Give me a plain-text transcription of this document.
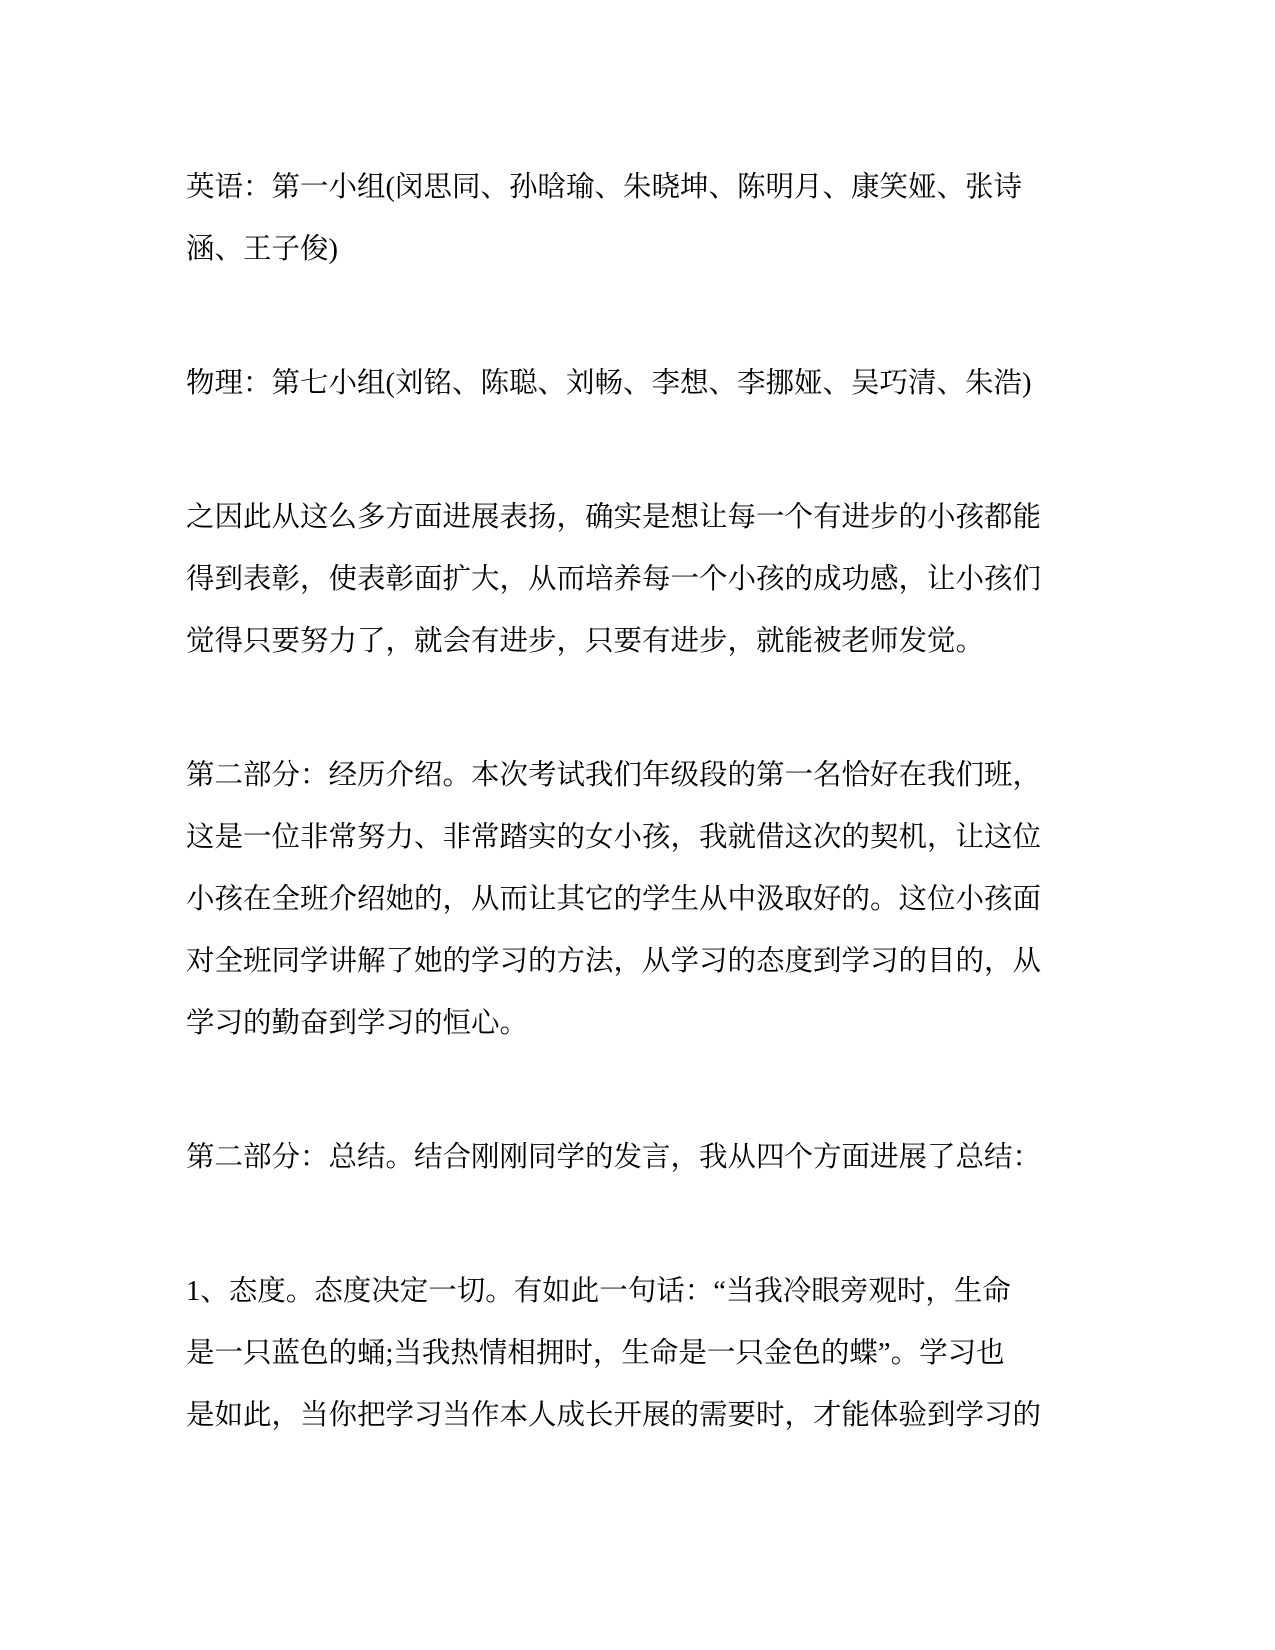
英语：第一小组(闵思同、孙晗瑜、朱晓坤、陈明月、康笑娅、张诗
涵、王子俊)

物理：第七小组(刘铭、陈聪、刘畅、李想、李挪娅、吴巧清、朱浩)

之因此从这么多方面进展表扬，确实是想让每一个有进步的小孩都能
得到表彰，使表彰面扩大，从而培养每一个小孩的成功感，让小孩们
觉得只要努力了，就会有进步，只要有进步，就能被老师发觉。

第二部分：经历介绍。本次考试我们年级段的第一名恰好在我们班，
这是一位非常努力、非常踏实的女小孩，我就借这次的契机，让这位
小孩在全班介绍她的，从而让其它的学生从中汲取好的。这位小孩面
对全班同学讲解了她的学习的方法，从学习的态度到学习的目的，从
学习的勤奋到学习的恒心。

第二部分：总结。结合刚刚同学的发言，我从四个方面进展了总结：

1、态度。态度决定一切。有如此一句话：“当我冷眼旁观时，生命
是一只蓝色的蛹;当我热情相拥时，生命是一只金色的蝶”。学习也
是如此，当你把学习当作本人成长开展的需要时，才能体验到学习的
